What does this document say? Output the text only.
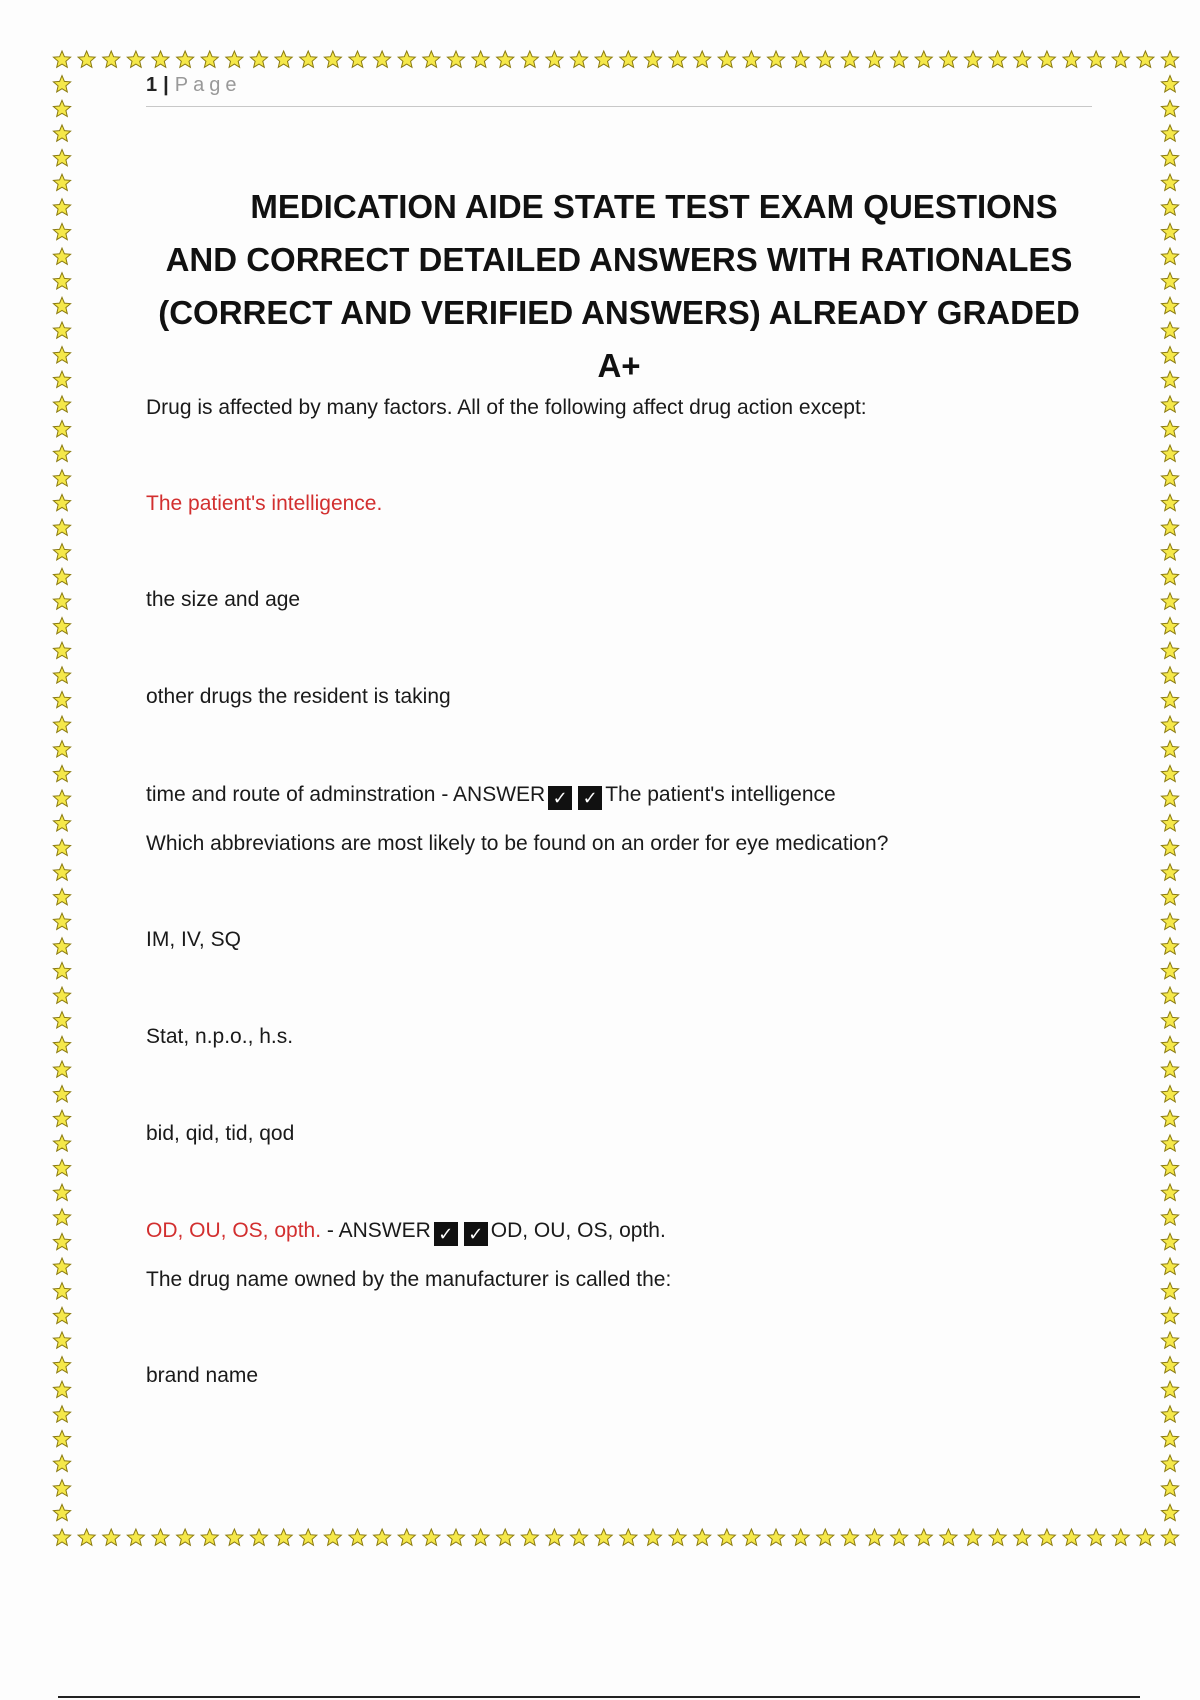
1 | Page
MEDICATION AIDE STATE TEST EXAM QUESTIONS
AND CORRECT DETAILED ANSWERS WITH RATIONALES
(CORRECT AND VERIFIED ANSWERS) ALREADY GRADED
A+
Drug is affected by many factors. All of the following affect drug action except:
The patient's intelligence.
the size and age
other drugs the resident is taking
time and route of adminstration - ANSWER ✓ ✓ The patient's intelligence
Which abbreviations are most likely to be found on an order for eye medication?
IM, IV, SQ
Stat, n.p.o., h.s.
bid, qid, tid, qod
OD, OU, OS, opth. - ANSWER ✓ ✓ OD, OU, OS, opth.
The drug name owned by the manufacturer is called the:
brand name
